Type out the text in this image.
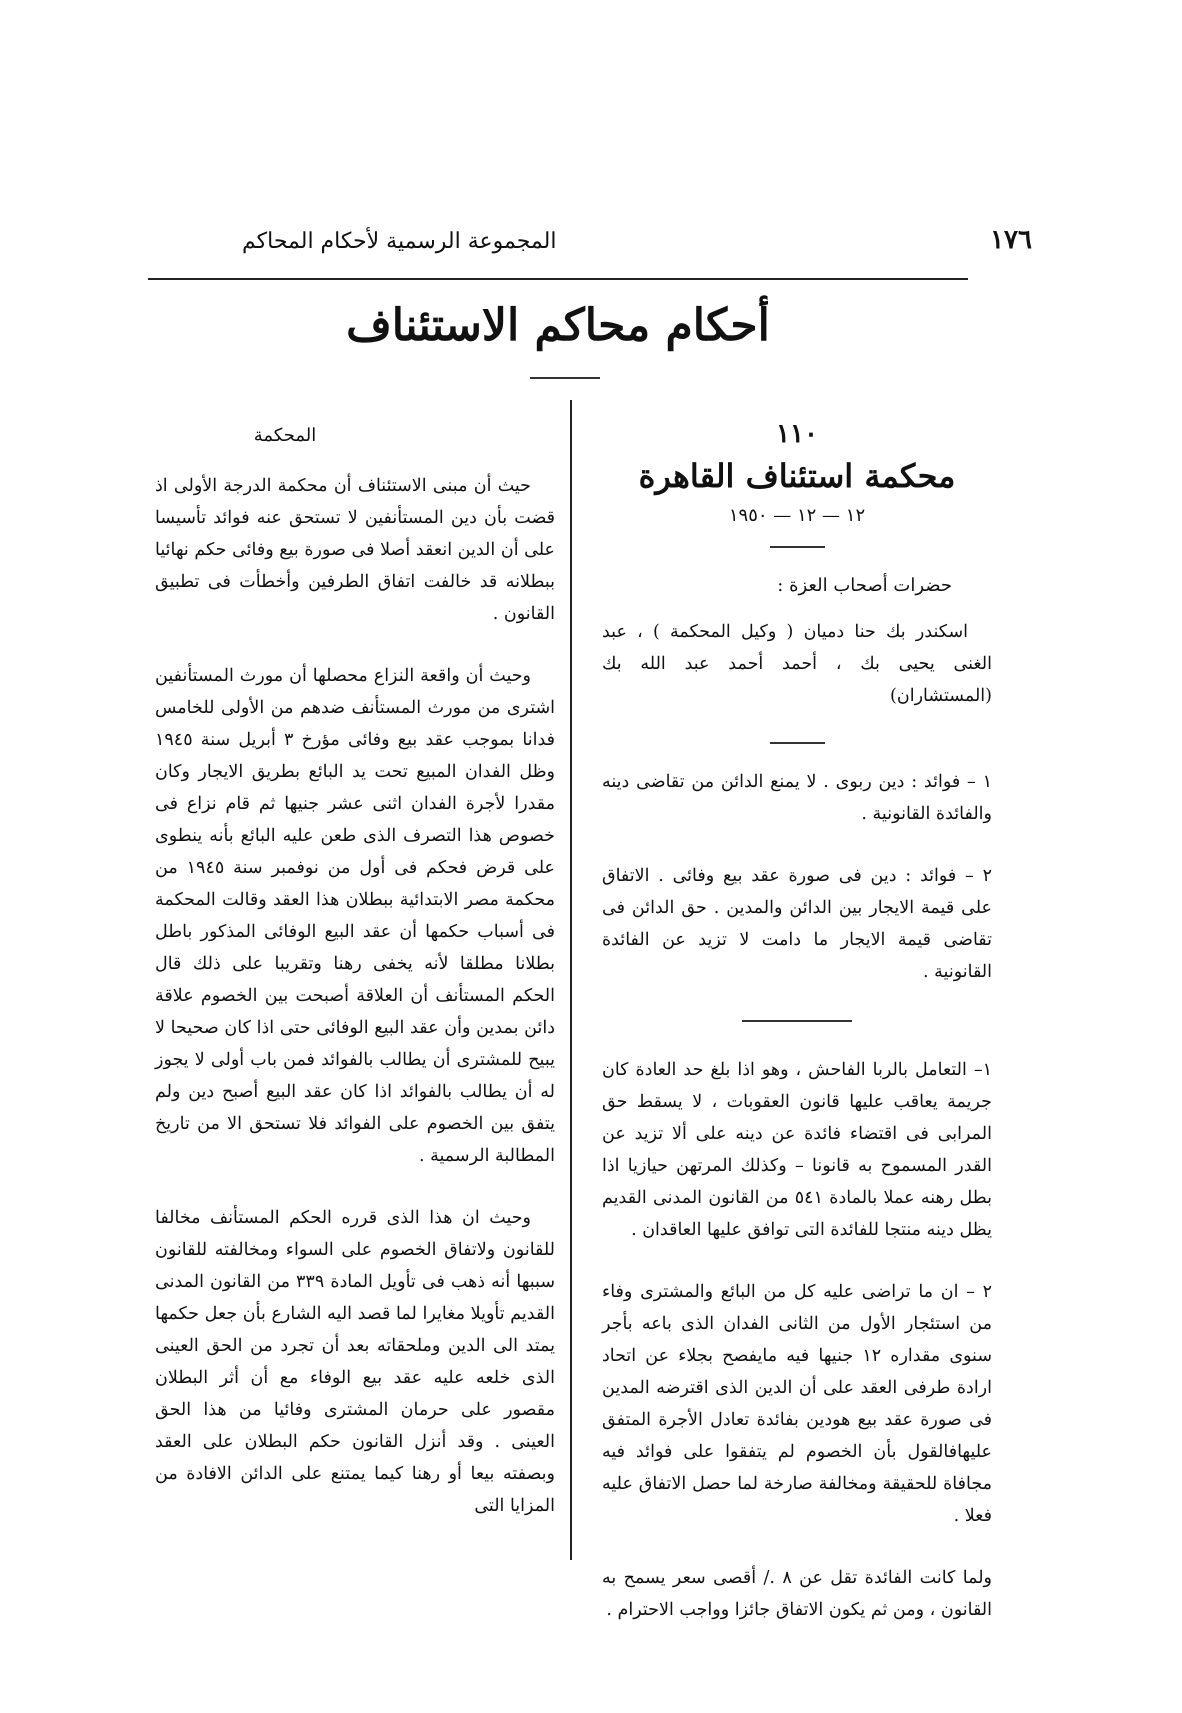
١٧٦
المجموعة الرسمية لأحكام المحاكم
أحكام محاكم الاستئناف
١١٠
محكمة استئناف القاهرة
١٢ — ١٢ — ١٩٥٠
حضرات أصحاب العزة :

اسكندر بك حنا دميان ( وكيل المحكمة ) ، عبد الغنى يحيى بك ، أحمد أحمد عبد الله بك (المستشاران)

١ – فوائد : دين ربوى . لا يمنع الدائن من تقاضى دينه والفائدة القانونية .

٢ – فوائد : دين فى صورة عقد بيع وفائى . الاتفاق على قيمة الايجار بين الدائن والمدين . حق الدائن فى تقاضى قيمة الايجار ما دامت لا تزيد عن الفائدة القانونية .

١– التعامل بالربا الفاحش ، وهو اذا بلغ حد العادة كان جريمة يعاقب عليها قانون العقوبات ، لا يسقط حق المرابى فى اقتضاء فائدة عن دينه على ألا تزيد عن القدر المسموح به قانونا – وكذلك المرتهن حيازيا اذا بطل رهنه عملا بالمادة ٥٤١ من القانون المدنى القديم يظل دينه منتجا للفائدة التى توافق عليها العاقدان .

٢ – ان ما تراضى عليه كل من البائع والمشترى وفاء من استئجار الأول من الثانى الفدان الذى باعه بأجر سنوى مقداره ١٢ جنيها فيه مايفصح بجلاء عن اتحاد ارادة طرفى العقد على أن الدين الذى اقترضه المدين فى صورة عقد بيع هودين بفائدة تعادل الأجرة المتفق عليهافالقول بأن الخصوم لم يتفقوا على فوائد فيه مجافاة للحقيقة ومخالفة صارخة لما حصل الاتفاق عليه فعلا .

ولما كانت الفائدة تقل عن ٨ ./ أقصى سعر يسمح به القانون ، ومن ثم يكون الاتفاق جائزا وواجب الاحترام .

المحكمة

حيث أن مبنى الاستئناف أن محكمة الدرجة الأولى اذ قضت بأن دين المستأنفين لا تستحق عنه فوائد تأسيسا على أن الدين انعقد أصلا فى صورة بيع وفائى حكم نهائيا ببطلانه قد خالفت اتفاق الطرفين وأخطأت فى تطبيق القانون .

وحيث أن واقعة النزاع محصلها أن مورث المستأنفين اشترى من مورث المستأنف ضدهم من الأولى للخامس فدانا بموجب عقد بيع وفائى مؤرخ ٣ أبريل سنة ١٩٤٥ وظل الفدان المبيع تحت يد البائع بطريق الايجار وكان مقدرا لأجرة الفدان اثنى عشر جنيها ثم قام نزاع فى خصوص هذا التصرف الذى طعن عليه البائع بأنه ينطوى على قرض فحكم فى أول من نوفمبر سنة ١٩٤٥ من محكمة مصر الابتدائية ببطلان هذا العقد وقالت المحكمة فى أسباب حكمها أن عقد البيع الوفائى المذكور باطل بطلانا مطلقا لأنه يخفى رهنا وتقريبا على ذلك قال الحكم المستأنف أن العلاقة أصبحت بين الخصوم علاقة دائن بمدين وأن عقد البيع الوفائى حتى اذا كان صحيحا لا يبيح للمشترى أن يطالب بالفوائد فمن باب أولى لا يجوز له أن يطالب بالفوائد اذا كان عقد البيع أصبح دين ولم يتفق بين الخصوم على الفوائد فلا تستحق الا من تاريخ المطالبة الرسمية .

وحيث ان هذا الذى قرره الحكم المستأنف مخالفا للقانون ولاتفاق الخصوم على السواء ومخالفته للقانون سببها أنه ذهب فى تأويل المادة ٣٣٩ من القانون المدنى القديم تأويلا مغايرا لما قصد اليه الشارع بأن جعل حكمها يمتد الى الدين وملحقاته بعد أن تجرد من الحق العينى الذى خلعه عليه عقد بيع الوفاء مع أن أثر البطلان مقصور على حرمان المشترى وفائيا من هذا الحق العينى . وقد أنزل القانون حكم البطلان على العقد وبصفته بيعا أو رهنا كيما يمتنع على الدائن الافادة من المزايا التى
